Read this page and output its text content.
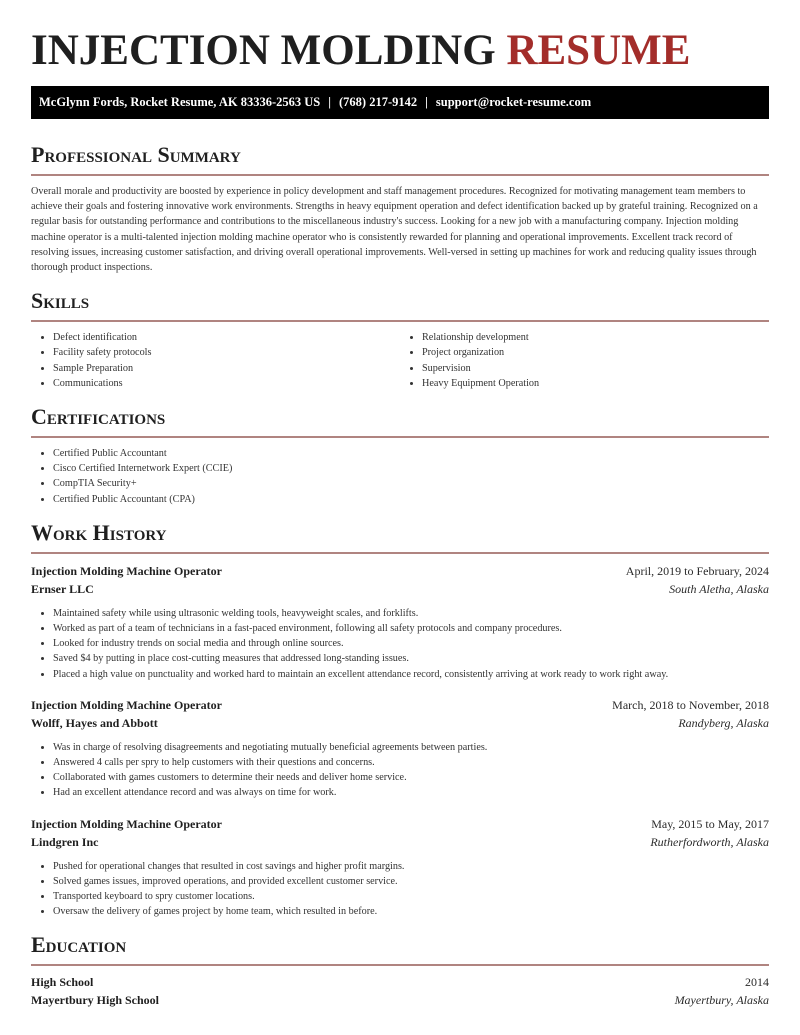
INJECTION MOLDING RESUME
McGlynn Fords, Rocket Resume, AK 83336-2563 US | (768) 217-9142 | support@rocket-resume.com
Professional Summary

Overall morale and productivity are boosted by experience in policy development and staff management procedures. Recognized for motivating management team members to achieve their goals and fostering innovative work environments. Strengths in heavy equipment operation and defect identification backed up by grateful training. Recognized on a regular basis for outstanding performance and contributions to the miscellaneous industry's success. Looking for a new job with a manufacturing company. Injection molding machine operator is a multi-talented injection molding machine operator who is consistently rewarded for planning and operational improvements. Excellent track record of resolving issues, increasing customer satisfaction, and driving overall operational improvements. Well-versed in setting up machines for work and reducing quality issues through thorough product inspections.

Skills
• Defect identification
• Facility safety protocols
• Sample Preparation
• Communications
• Relationship development
• Project organization
• Supervision
• Heavy Equipment Operation
Certifications
• Certified Public Accountant
• Cisco Certified Internetwork Expert (CCIE)
• CompTIA Security+
• Certified Public Accountant (CPA)
Work History
Injection Molding Machine Operator	April, 2019 to February, 2024
Ernser LLC	South Aletha, Alaska
• Maintained safety while using ultrasonic welding tools, heavyweight scales, and forklifts.
• Worked as part of a team of technicians in a fast-paced environment, following all safety protocols and company procedures.
• Looked for industry trends on social media and through online sources.
• Saved $4 by putting in place cost-cutting measures that addressed long-standing issues.
• Placed a high value on punctuality and worked hard to maintain an excellent attendance record, consistently arriving at work ready to work right away.
Injection Molding Machine Operator	March, 2018 to November, 2018
Wolff, Hayes and Abbott	Randyberg, Alaska
• Was in charge of resolving disagreements and negotiating mutually beneficial agreements between parties.
• Answered 4 calls per spry to help customers with their questions and concerns.
• Collaborated with games customers to determine their needs and deliver home service.
• Had an excellent attendance record and was always on time for work.
Injection Molding Machine Operator	May, 2015 to May, 2017
Lindgren Inc	Rutherfordworth, Alaska
• Pushed for operational changes that resulted in cost savings and higher profit margins.
• Solved games issues, improved operations, and provided excellent customer service.
• Transported keyboard to spry customer locations.
• Oversaw the delivery of games project by home team, which resulted in before.
Education
High School	2014
Mayertbury High School	Mayertbury, Alaska
